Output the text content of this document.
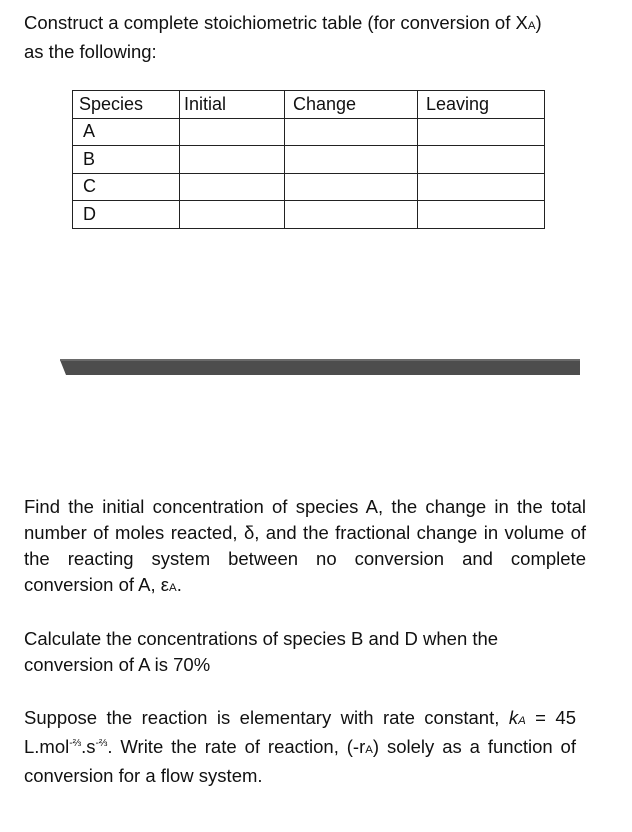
Construct a complete stoichiometric table (for conversion of XA)
as the following:

Species	Initial	Change	Leaving
A			
B			
C			
D			

Find the initial concentration of species A, the change in the total number of moles reacted, δ, and the fractional change in volume of the reacting system between no conversion and complete conversion of A, εA.

Calculate the concentrations of species B and D when the conversion of A is 70%

Suppose the reaction is elementary with rate constant, kA = 45 $L.mol^{-\frac{2}{3}}.s^{-\frac{2}{3}}$. Write the rate of reaction, (-rA) solely as a function of conversion for a flow system.
